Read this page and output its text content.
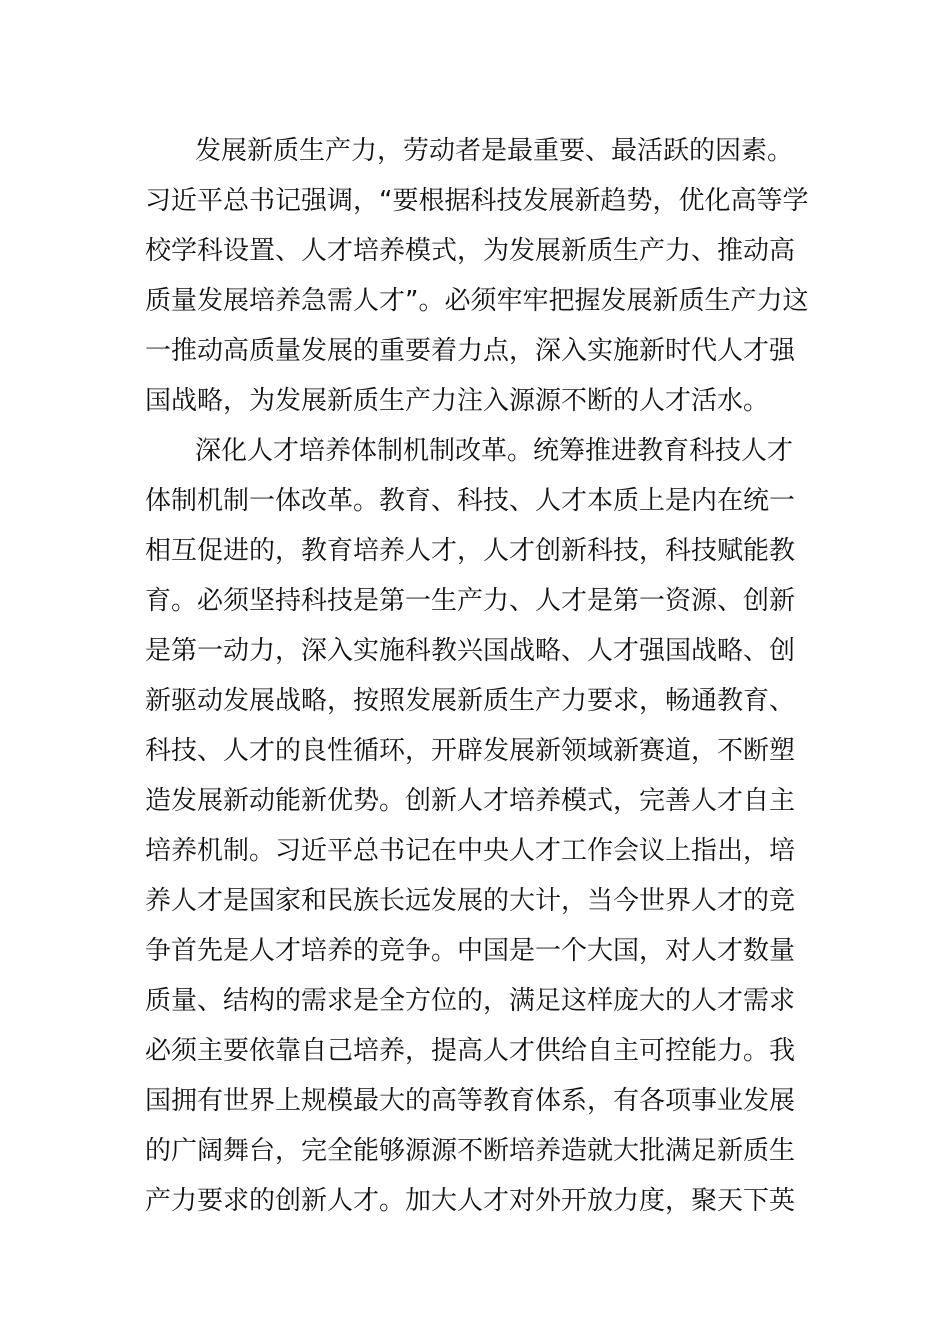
发展新质生产力，劳动者是最重要、最活跃的因素。
习近平总书记强调，“要根据科技发展新趋势，优化高等学
校学科设置、人才培养模式，为发展新质生产力、推动高
质量发展培养急需人才”。必须牢牢把握发展新质生产力这
一推动高质量发展的重要着力点，深入实施新时代人才强
国战略，为发展新质生产力注入源源不断的人才活水。
深化人才培养体制机制改革。统筹推进教育科技人才
体制机制一体改革。教育、科技、人才本质上是内在统一
相互促进的，教育培养人才，人才创新科技，科技赋能教
育。必须坚持科技是第一生产力、人才是第一资源、创新
是第一动力，深入实施科教兴国战略、人才强国战略、创
新驱动发展战略，按照发展新质生产力要求，畅通教育、
科技、人才的良性循环，开辟发展新领域新赛道，不断塑
造发展新动能新优势。创新人才培养模式，完善人才自主
培养机制。习近平总书记在中央人才工作会议上指出，培
养人才是国家和民族长远发展的大计，当今世界人才的竞
争首先是人才培养的竞争。中国是一个大国，对人才数量
质量、结构的需求是全方位的，满足这样庞大的人才需求
必须主要依靠自己培养，提高人才供给自主可控能力。我
国拥有世界上规模最大的高等教育体系，有各项事业发展
的广阔舞台，完全能够源源不断培养造就大批满足新质生
产力要求的创新人才。加大人才对外开放力度，聚天下英
